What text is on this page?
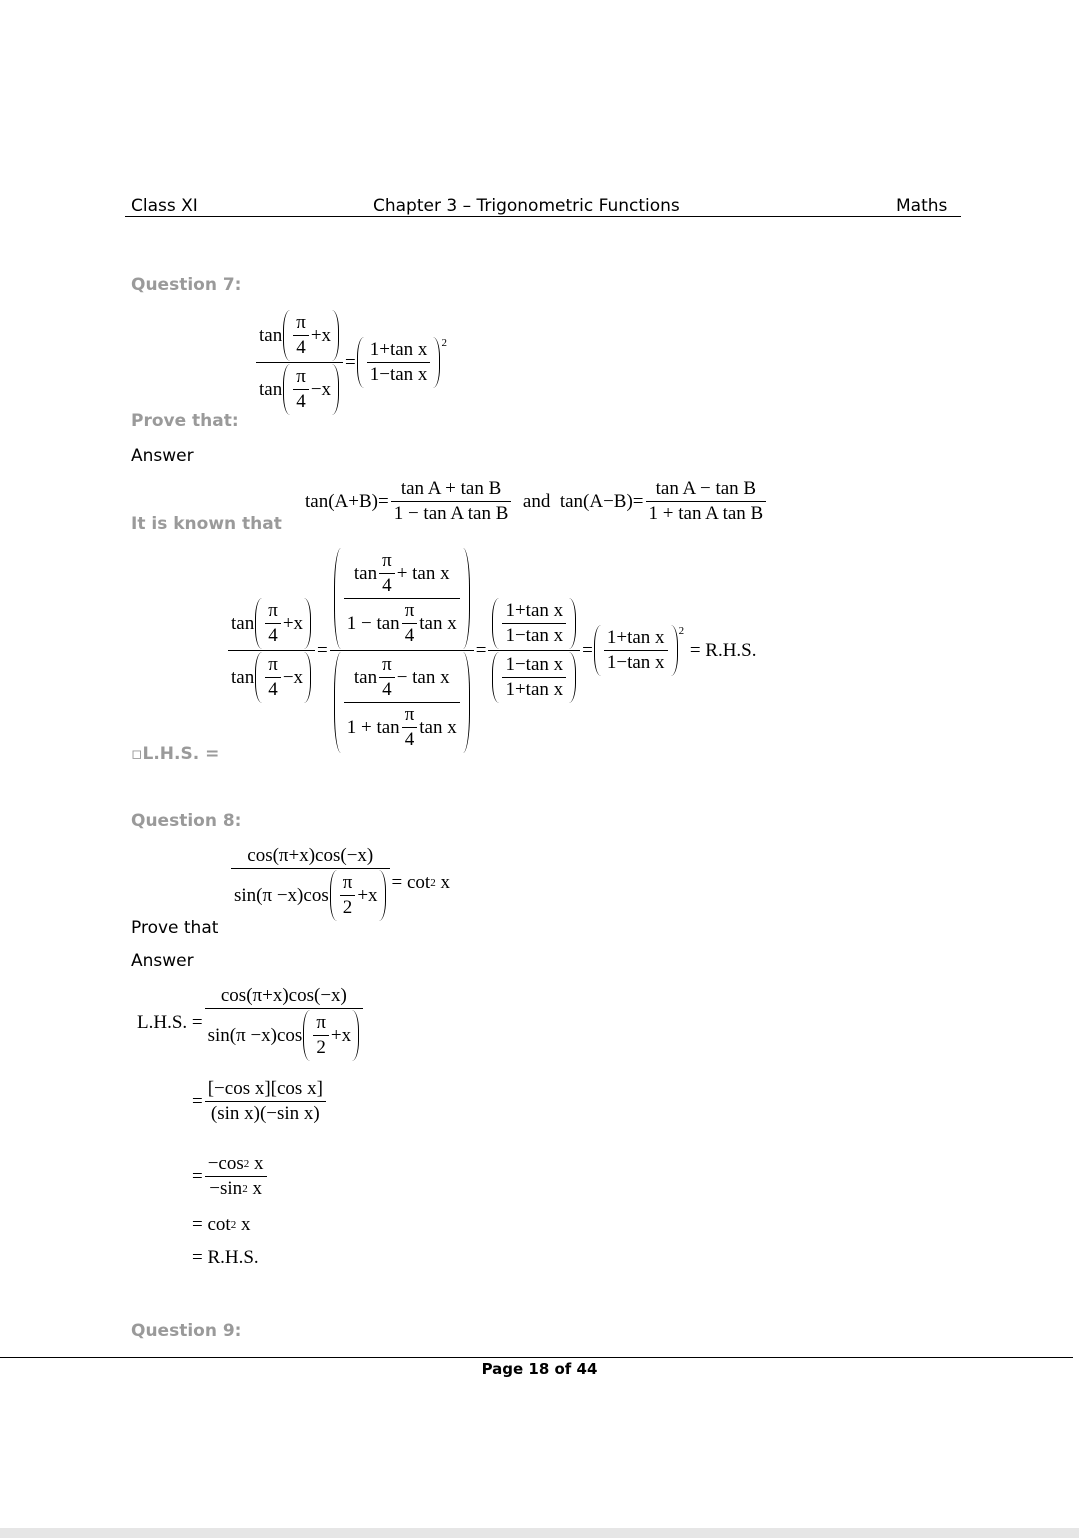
Class XI	Chapter 3 – Trigonometric Functions	Maths
Question 7:
$\frac{\tan \frac{\pi}{4} +x}{\tan \frac{\pi}{4} -x} = \frac{\text{1+tan x}}{\text{1−tan x}} 2$
Prove that:
Answer
$\tan(A+B)= \frac{\text{tan A + tan B}}{\text{1 − tan A tan B}}$ and  $\tan(A-B)= \frac{\text{tan A − tan B}}{\text{1 + tan A tan B}}$
It is known that
$\frac{\tan \frac{\pi}{4} +x}{\tan \frac{\pi}{4} -x} = \frac{\frac{\tan \frac{\pi}{4} + \tan x}{1 - \tan \frac{\pi}{4} \tan x}}{\frac{\tan \frac{\pi}{4} - \tan x}{1 + \tan \frac{\pi}{4} \tan x}} = \frac{\frac{\text{1+tan x}}{\text{1−tan x}}}{\frac{\text{1−tan x}}{\text{1+tan x}}} = \frac{\text{1+tan x}}{\text{1−tan x}} 2$
= R.H.S.
▫L.H.S. =
Question 8:
$\frac{\cos(\pi+x)\cos(-x)}{\sin(\pi -x)\cos \frac{\pi}{2} +x} = \cot 2$ x
Prove that
Answer
L.H.S. = $\frac{\cos(\pi+x)\cos(-x)}{\sin(\pi -x)\cos \frac{\pi}{2} +x}$
= $\frac{\text{[−cos x][cos x]}}{\text{(sin x)(−sin x)}}$
= $\frac{-\cos 2 x}{-\sin 2 x}$
= cot 2 x
= R.H.S.
Question 9:
Page 18 of 44
